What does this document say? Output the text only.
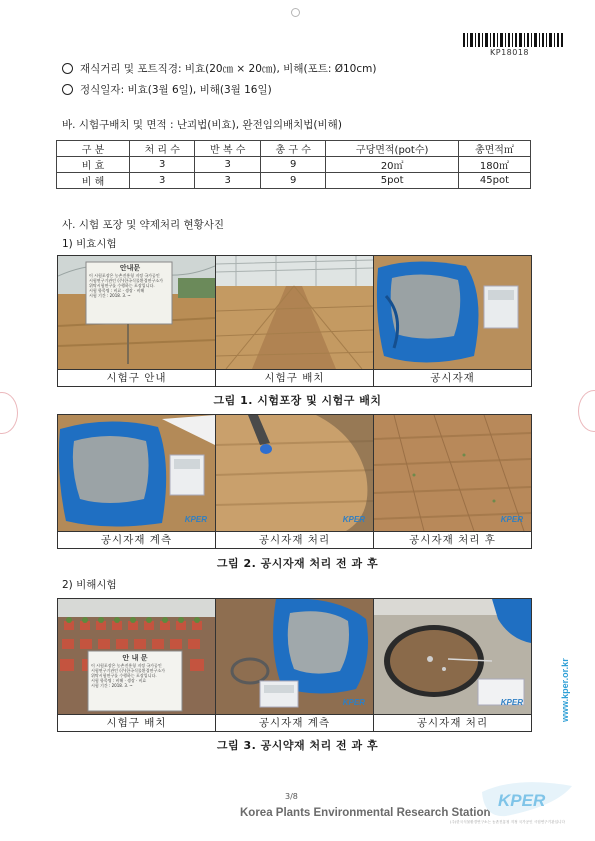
KP18018
재식거리 및 포트직경: 비효(20㎝ × 20㎝), 비해(포트: Ø10cm)
정식일자: 비효(3월 6일), 비해(3월 16일)
바. 시험구배치 및 면적 : 난괴법(비효), 완전임의배치법(비해)
구 분	처 리 수	반 복 수	총 구 수	구당면적(pot수)	총면적㎡
비 효	3	3	9	20㎡	180㎡
비 해	3	3	9	5pot	45pot
사. 시험 포장 및 약제처리 현황사진
1) 비효시험
안내문
이 시험포장은 농촌진흥청 지정 국가공인
시험연구기관인 (주)한국식물환경연구소가
위탁시험연구를 수행하는 포장입니다.
시험 항목명 : 비료 · 생장 · 비해
시험 기간 : 2018. 3. ~
시험구 안내	시험구 배치	공시자재
그림 1. 시험포장 및 시험구 배치
KPER	KPER	KPER
공시자재 계측	공시자재 처리	공시자재 처리 후
그림 2. 공시자재 처리 전 과 후
2) 비해시험
안 내 문
이 시험포장은 농촌진흥청 지정 국가공인
시험연구기관인 (주)한국식물환경연구소가
위탁시험연구를 수행하는 포장입니다.
시험 항목명 : 비해 · 생장 · 비효
시험 기간 : 2018. 3. ~
KPER	KPER
시험구 배치	공시자재 계측	공시자재 처리
그림 3. 공시약재 처리 전 과 후
www.kper.or.kr
3/8
Korea Plants Environmental Research Station
KPER
(주)한국식물환경연구소는 농촌진흥청 지정 국가공인 시험연구기관입니다
